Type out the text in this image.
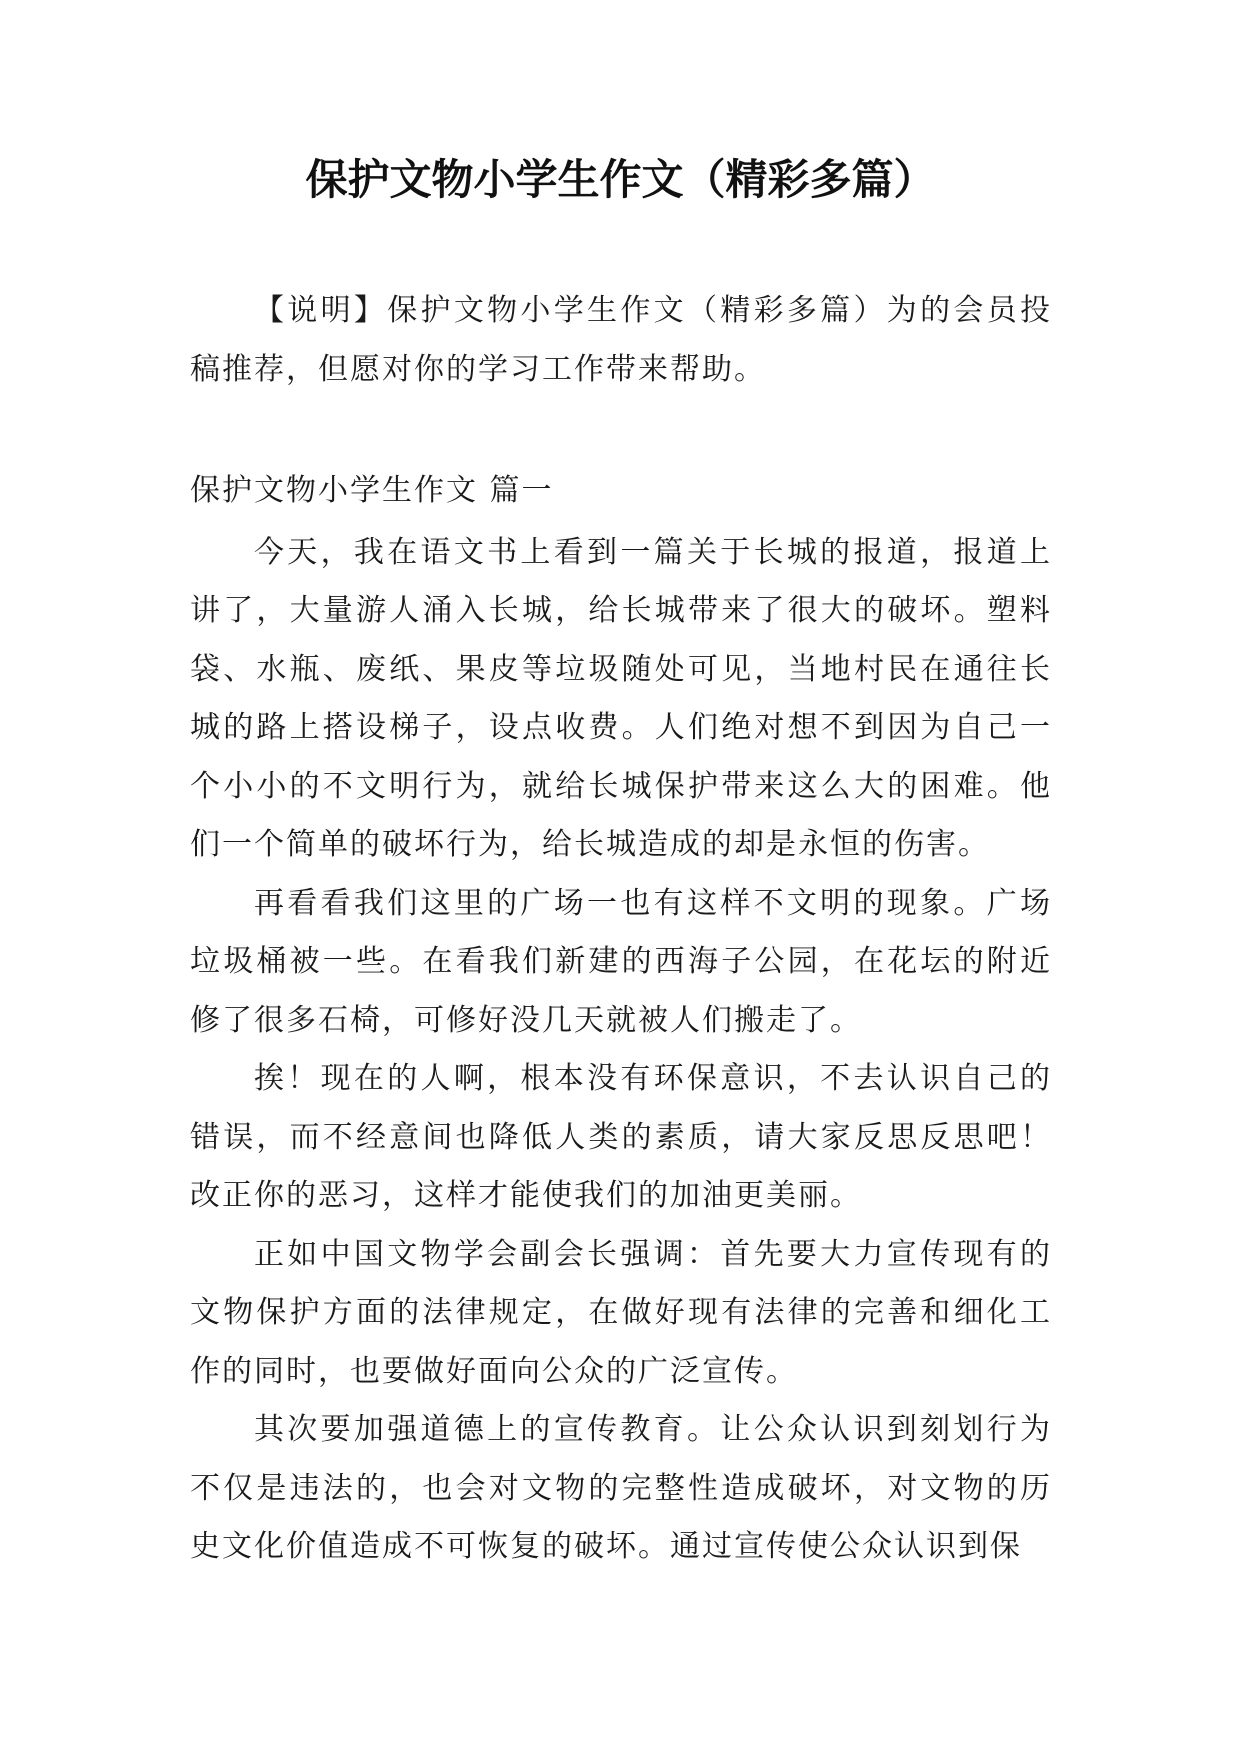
保护文物小学生作文（精彩多篇）

【说明】保护文物小学生作文（精彩多篇）为的会员投稿推荐，但愿对你的学习工作带来帮助。

保护文物小学生作文 篇一

今天，我在语文书上看到一篇关于长城的报道，报道上讲了，大量游人涌入长城，给长城带来了很大的破坏。塑料袋、水瓶、废纸、果皮等垃圾随处可见，当地村民在通往长城的路上搭设梯子，设点收费。人们绝对想不到因为自己一个小小的不文明行为，就给长城保护带来这么大的困难。他们一个简单的破坏行为，给长城造成的却是永恒的伤害。

再看看我们这里的广场一也有这样不文明的现象。广场垃圾桶被一些。在看我们新建的西海子公园，在花坛的附近修了很多石椅，可修好没几天就被人们搬走了。

挨！现在的人啊，根本没有环保意识，不去认识自己的错误，而不经意间也降低人类的素质，请大家反思反思吧！改正你的恶习，这样才能使我们的加油更美丽。

正如中国文物学会副会长强调：首先要大力宣传现有的文物保护方面的法律规定，在做好现有法律的完善和细化工作的同时，也要做好面向公众的广泛宣传。

其次要加强道德上的宣传教育。让公众认识到刻划行为不仅是违法的，也会对文物的完整性造成破坏，对文物的历史文化价值造成不可恢复的破坏。通过宣传使公众认识到保
